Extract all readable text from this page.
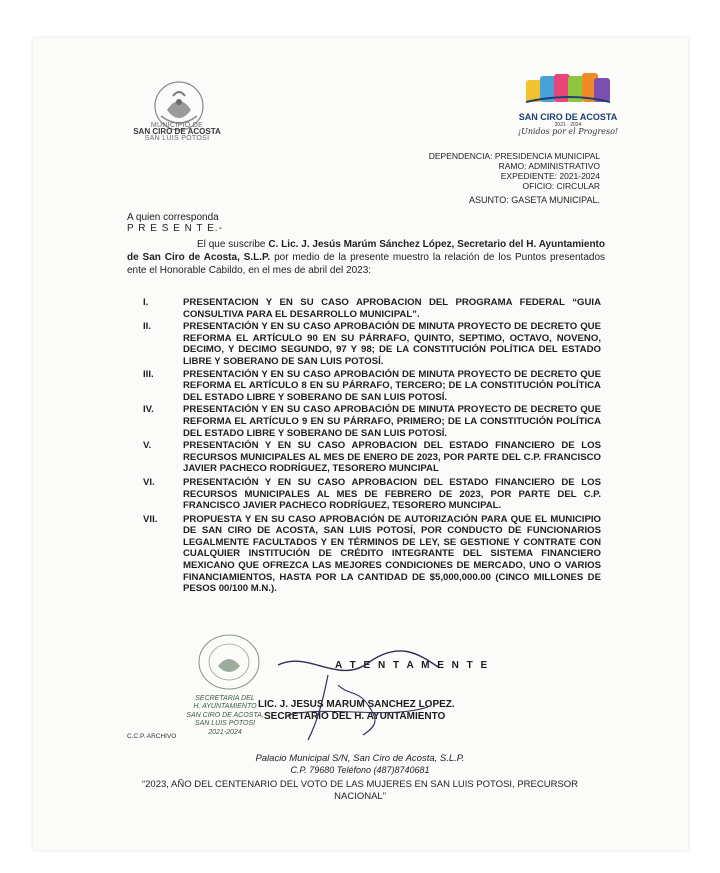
MUNICIPIO DE
SAN CIRO DE ACOSTA
SAN LUIS POTOSÍ
SAN CIRO DE ACOSTA
2021 - 2024
¡Unidos por el Progreso!
DEPENDENCIA: PRESIDENCIA MUNICIPAL
RAMO: ADMINISTRATIVO
EXPEDIENTE: 2021-2024
OFICIO: CIRCULAR
ASUNTO: GASETA MUNICIPAL.
A quien corresponda
P R E S E N T E.-
El que suscribe C. Lic. J. Jesús Marúm Sánchez López, Secretario del H. Ayuntamiento de San Ciro de Acosta, S.L.P. por medio de la presente muestro la relación de los Puntos presentados ente el Honorable Cabildo, en el mes de abril del 2023:
I.	PRESENTACION Y EN SU CASO APROBACION DEL PROGRAMA FEDERAL “GUIA CONSULTIVA PARA EL DESARROLLO MUNICIPAL”.
II.	PRESENTACIÓN Y EN SU CASO APROBACIÓN DE MINUTA PROYECTO DE DECRETO QUE REFORMA EL ARTÍCULO 90 EN SU PÁRRAFO, QUINTO, SEPTIMO, OCTAVO, NOVENO, DECIMO, Y DECIMO SEGUNDO, 97 Y 98; DE LA CONSTITUCIÓN POLÍTICA DEL ESTADO LIBRE Y SOBERANO DE SAN LUIS POTOSÍ.
III.	PRESENTACIÓN Y EN SU CASO APROBACIÓN DE MINUTA PROYECTO DE DECRETO QUE REFORMA EL ARTÍCULO 8 EN SU PÁRRAFO, TERCERO; DE LA CONSTITUCIÓN POLÍTICA DEL ESTADO LIBRE Y SOBERANO DE SAN LUIS POTOSÍ.
IV.	PRESENTACIÓN Y EN SU CASO APROBACIÓN DE MINUTA PROYECTO DE DECRETO QUE REFORMA EL ARTÍCULO 9 EN SU PÁRRAFO, PRIMERO; DE LA CONSTITUCIÓN POLÍTICA DEL ESTADO LIBRE Y SOBERANO DE SAN LUIS POTOSÍ.
V.	PRESENTACIÓN Y EN SU CASO APROBACION DEL ESTADO FINANCIERO DE LOS RECURSOS MUNICIPALES AL MES DE ENERO DE 2023, POR PARTE DEL C.P. FRANCISCO JAVIER PACHECO RODRÍGUEZ, TESORERO MUNCIPAL
VI.	PRESENTACIÓN Y EN SU CASO APROBACION DEL ESTADO FINANCIERO DE LOS RECURSOS MUNICIPALES AL MES DE FEBRERO DE 2023, POR PARTE DEL C.P. FRANCISCO JAVIER PACHECO RODRÍGUEZ, TESORERO MUNCIPAL.
VII.	PROPUESTA Y EN SU CASO APROBACIÓN DE AUTORIZACIÓN PARA QUE EL MUNICIPIO DE SAN CIRO DE ACOSTA, SAN LUIS POTOSÍ, POR CONDUCTO DE FUNCIONARIOS LEGALMENTE FACULTADOS Y EN TÉRMINOS DE LEY, SE GESTIONE Y CONTRATE CON CUALQUIER INSTITUCIÓN DE CRÉDITO INTEGRANTE DEL SISTEMA FINANCIERO MEXICANO QUE OFREZCA LAS MEJORES CONDICIONES DE MERCADO, UNO O VARIOS FINANCIAMIENTOS, HASTA POR LA CANTIDAD DE $5,000,000.00 (CINCO MILLONES DE PESOS 00/100 M.N.).
SECRETARIA DEL
H. AYUNTAMIENTO
SAN CIRO DE ACOSTA,
SAN LUIS POTOSI
2021-2024
A T E N T A M E N T E
LIC. J. JESUS MARUM SANCHEZ LOPEZ.
SECRETARIO DEL H. AYUNTAMIENTO
C.C.P. ARCHIVO
Palacio Municipal S/N, San Ciro de Acosta, S.L.P.
C.P. 79680 Teléfono (487)8740681
“2023, AÑO DEL CENTENARIO DEL VOTO DE LAS MUJERES EN SAN LUIS POTOSI, PRECURSOR
NACIONAL”
